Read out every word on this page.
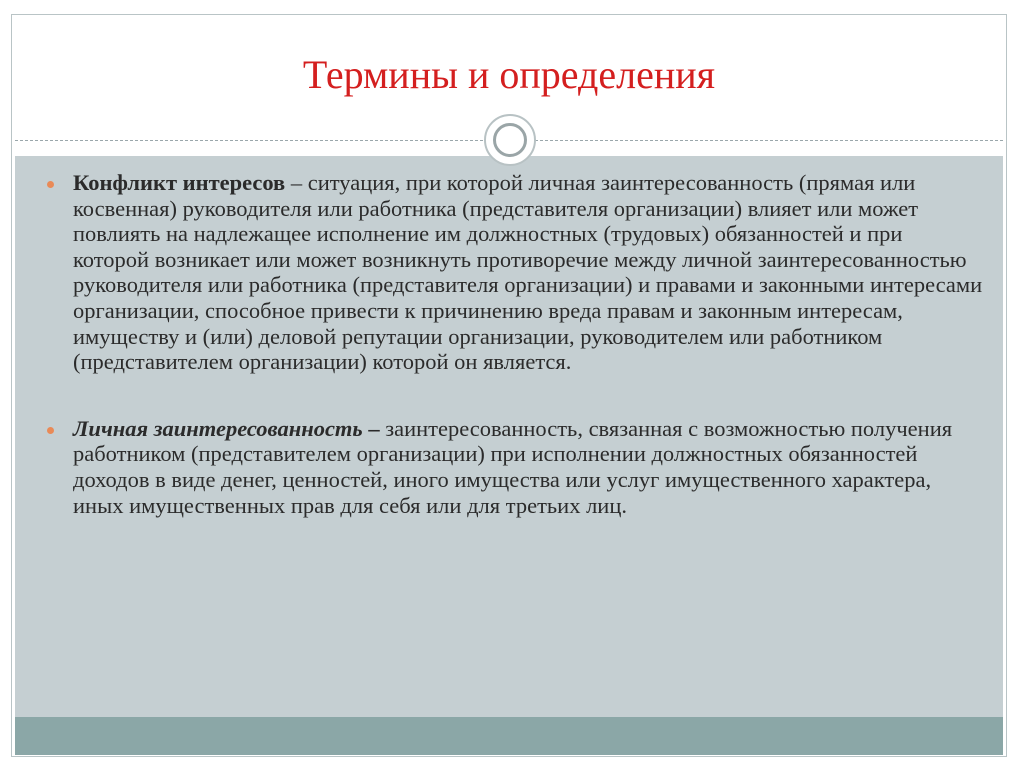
Термины и определения
Конфликт интересов – ситуация, при которой личная заинтересованность (прямая или косвенная) руководителя или работника (представителя организации) влияет или может повлиять на надлежащее исполнение им должностных (трудовых) обязанностей и при которой возникает или может возникнуть противоречие между личной заинтересованностью руководителя или работника (представителя организации) и правами и законными интересами организации, способное привести к причинению вреда правам и законным интересам, имуществу и (или) деловой репутации организации, руководителем или работником (представителем организации) которой он является.
Личная заинтересованность – заинтересованность, связанная с возможностью получения работником (представителем организации) при исполнении должностных обязанностей доходов в виде денег, ценностей, иного имущества или услуг имущественного характера, иных имущественных прав для себя или для третьих лиц.
